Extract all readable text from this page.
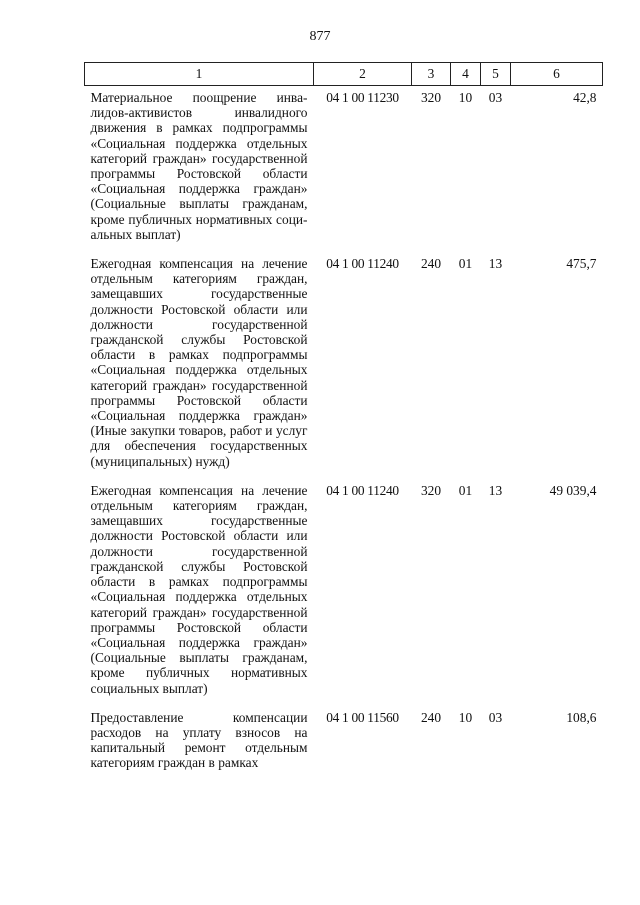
877
1	2	3	4	5	6
Материальное поощрение инвалидов-активистов инвалидного движения в рамках подпрограммы «Социальная поддержка отдельных категорий граждан» государственной программы Ростовской области «Социальная поддержка граждан» (Социальные выплаты гражданам, кроме публичных нормативных социальных выплат)	04 1 00 11230	320	10	03	42,8
Ежегодная компенсация на лечение отдельным категориям граждан, замещавших государственные должности Ростовской области или должности государственной гражданской службы Ростовской области в рамках подпрограммы «Социальная поддержка отдельных категорий граждан» государственной программы Ростовской области «Социальная поддержка граждан» (Иные закупки товаров, работ и услуг для обеспечения государственных (муниципальных) нужд)	04 1 00 11240	240	01	13	475,7
Ежегодная компенсация на лечение отдельным категориям граждан, замещавших государственные должности Ростовской области или должности государственной гражданской службы Ростовской области в рамках подпрограммы «Социальная поддержка отдельных категорий граждан» государственной программы Ростовской области «Социальная поддержка граждан» (Социальные выплаты гражданам, кроме публичных нормативных социальных выплат)	04 1 00 11240	320	01	13	49 039,4
Предоставление компенсации расходов на уплату взносов на капитальный ремонт отдельным категориям граждан в рамках	04 1 00 11560	240	10	03	108,6
